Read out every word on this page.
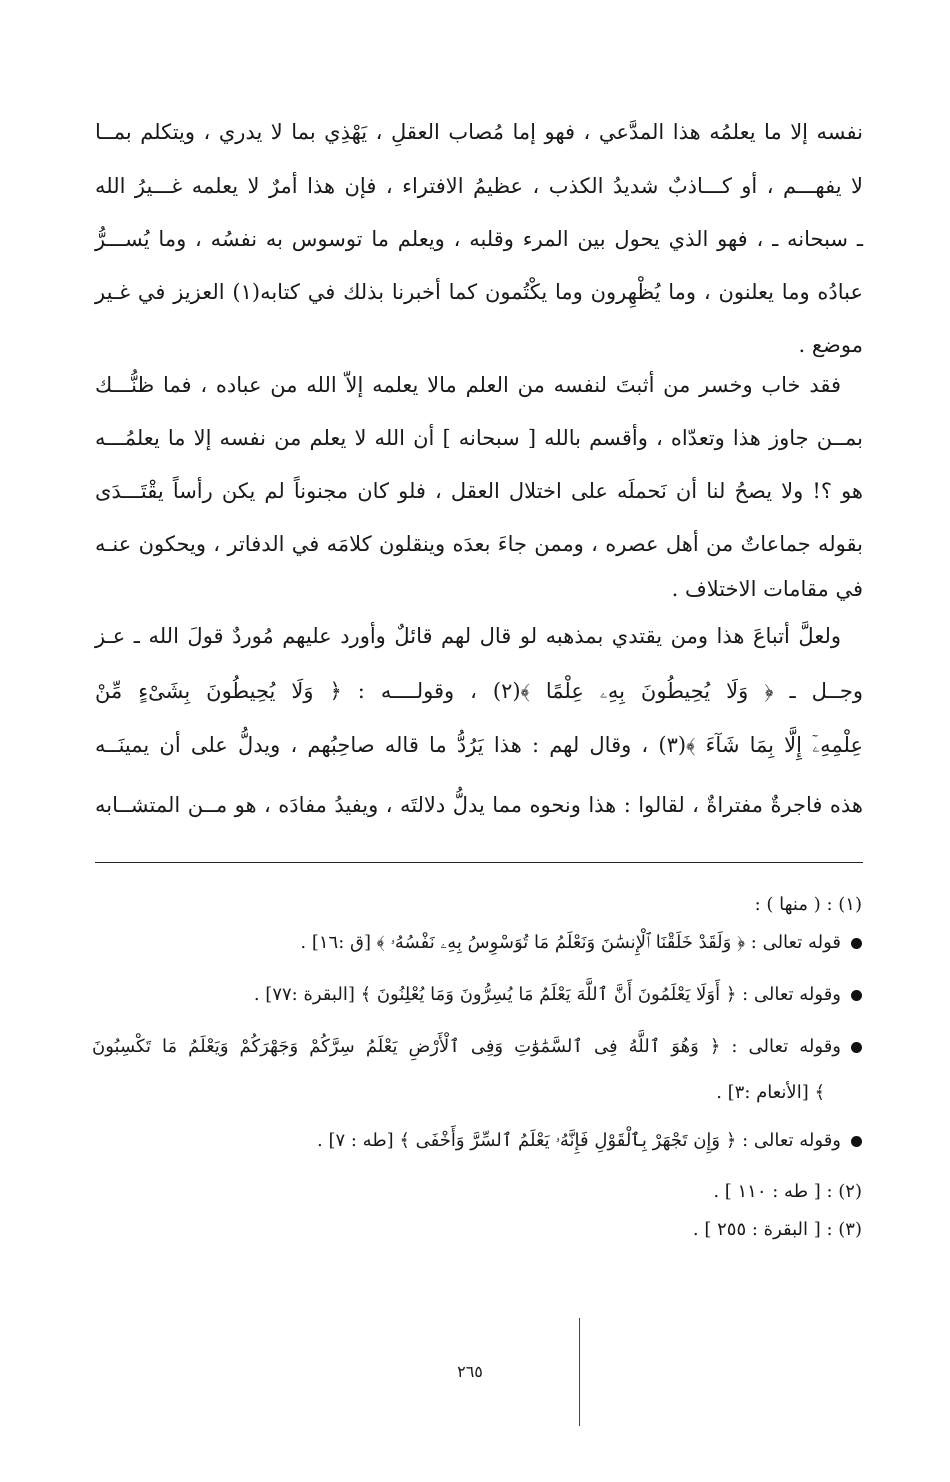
نفسه إلا ما يعلمُه هذا المدَّعي ، فهو إما مُصاب العقلِ ، يَهْذِي بما لا يدري ، ويتكلم بمــا
لا يفهـــم ، أو كـــاذبٌ شديدُ الكذب ، عظيمُ الافتراء ، فإن هذا أمرٌ لا يعلمه غـــيرُ الله
ـ سبحانه ـ ، فهو الذي يحول بين المرء وقلبه ، ويعلم ما توسوس به نفسُه ، وما يُســـرُّ
عبادُه وما يعلنون ، وما يُظْهِرون وما يكْتُمون كما أخبرنا بذلك في كتابه(١) العزيز في غـير
موضع .
فقد خاب وخسر من أثبتَ لنفسه من العلم مالا يعلمه إلاّ الله من عباده ، فما ظنُّـــك
بمــن جاوز هذا وتعدّاه ، وأقسم بالله [ سبحانه ] أن الله لا يعلم من نفسه إلا ما يعلمُـــه
هو ؟! ولا يصحُ لنا أن نَحملَه على اختلال العقل ، فلو كان مجنوناً لم يكن رأساً يقْتَـــدَى
بقوله جماعاتٌ من أهل عصره ، وممن جاءَ بعدَه وينقلون كلامَه في الدفاتر ، ويحكون عنـه
في مقامات الاختلاف .
ولعلَّ أتباعَ هذا ومن يقتدي بمذهبه لو قال لهم قائلٌ وأورد عليهم مُوردٌ قولَ الله ـ عـز
وجــل ـ ﴿ وَلَا يُحِيطُونَ بِهِۦ عِلْمًا ﴾(٢) ، وقولــــه : ﴿ وَلَا يُحِيطُونَ بِشَىْءٍ مِّنْ
عِلْمِهِۦٓ إِلَّا بِمَا شَآءَ ﴾(٣) ، وقال لهم : هذا يَرُدُّ ما قاله صاحِبُهم ، ويدلُّ على أن يمينَــه
هذه فاجرةٌ مفتراةٌ ، لقالوا : هذا ونحوه مما يدلُّ دلالتَه ، ويفيدُ مفادَه ، هو مــن المتشــابه
(١) : ( منها ) :
قوله تعالى : ﴿ وَلَقَدْ خَلَقْنَا ٱلْإِنسَٰنَ وَنَعْلَمُ مَا تُوَسْوِسُ بِهِۦ نَفْسُهُۥ ﴾ [ق :١٦] .
وقوله تعالى : ﴿ أَوَلَا يَعْلَمُونَ أَنَّ ٱللَّهَ يَعْلَمُ مَا يُسِرُّونَ وَمَا يُعْلِنُونَ ﴾ [البقرة :٧٧] .
وقوله تعالى : ﴿ وَهُوَ ٱللَّهُ فِى ٱلسَّمَٰوَٰتِ وَفِى ٱلْأَرْضِ يَعْلَمُ سِرَّكُمْ وَجَهْرَكُمْ وَيَعْلَمُ مَا تَكْسِبُونَ
﴾ [الأنعام :٣] .
وقوله تعالى : ﴿ وَإِن تَجْهَرْ بِٱلْقَوْلِ فَإِنَّهُۥ يَعْلَمُ ٱلسِّرَّ وَأَخْفَى ﴾ [طه : ٧] .
(٢) : [ طه : ١١٠ ] .
(٣) : [ البقرة : ٢٥٥ ] .
٢٦٥
